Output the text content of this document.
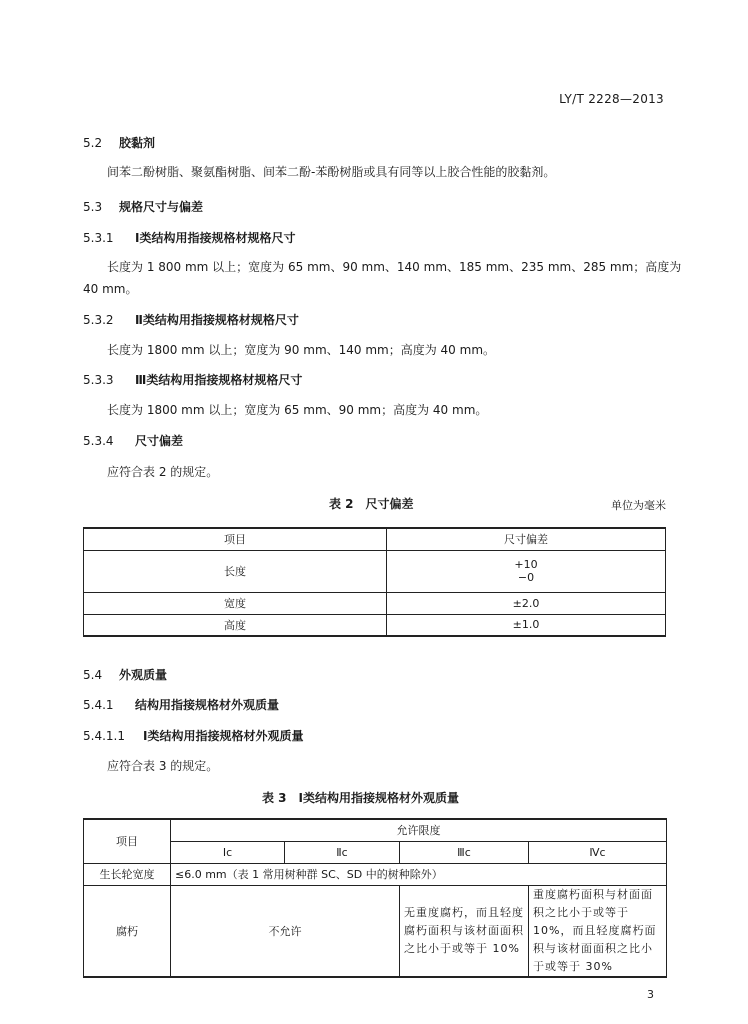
LY/T 2228—2013
5.2 胶黏剂
间苯二酚树脂、聚氨酯树脂、间苯二酚-苯酚树脂或具有同等以上胶合性能的胶黏剂。
5.3 规格尺寸与偏差
5.3.1 Ⅰ类结构用指接规格材规格尺寸
长度为 1 800 mm 以上；宽度为 65 mm、90 mm、140 mm、185 mm、235 mm、285 mm；高度为
40 mm。
5.3.2 Ⅱ类结构用指接规格材规格尺寸
长度为 1800 mm 以上；宽度为 90 mm、140 mm；高度为 40 mm。
5.3.3 Ⅲ类结构用指接规格材规格尺寸
长度为 1800 mm 以上；宽度为 65 mm、90 mm；高度为 40 mm。
5.3.4 尺寸偏差
应符合表 2 的规定。
表 2　尺寸偏差	单位为毫米
项目	尺寸偏差
长度	+10
−0

宽度	±2.0
高度	±1.0
5.4 外观质量
5.4.1 结构用指接规格材外观质量
5.4.1.1 Ⅰ类结构用指接规格材外观质量
应符合表 3 的规定。
表 3　Ⅰ类结构用指接规格材外观质量
项目	允许限度			
	Ⅰc	Ⅱc	Ⅲc	Ⅳc
生长轮宽度	≤6.0 mm（表 1 常用树种群 SC、SD 中的树种除外）			
腐朽	不允许		无重度腐朽，而且轻度腐朽面积与该材面面积之比小于或等于 10%	重度腐朽面积与材面面积之比小于或等于 10%，而且轻度腐朽面积与该材面面积之比小于或等于 30%
3
